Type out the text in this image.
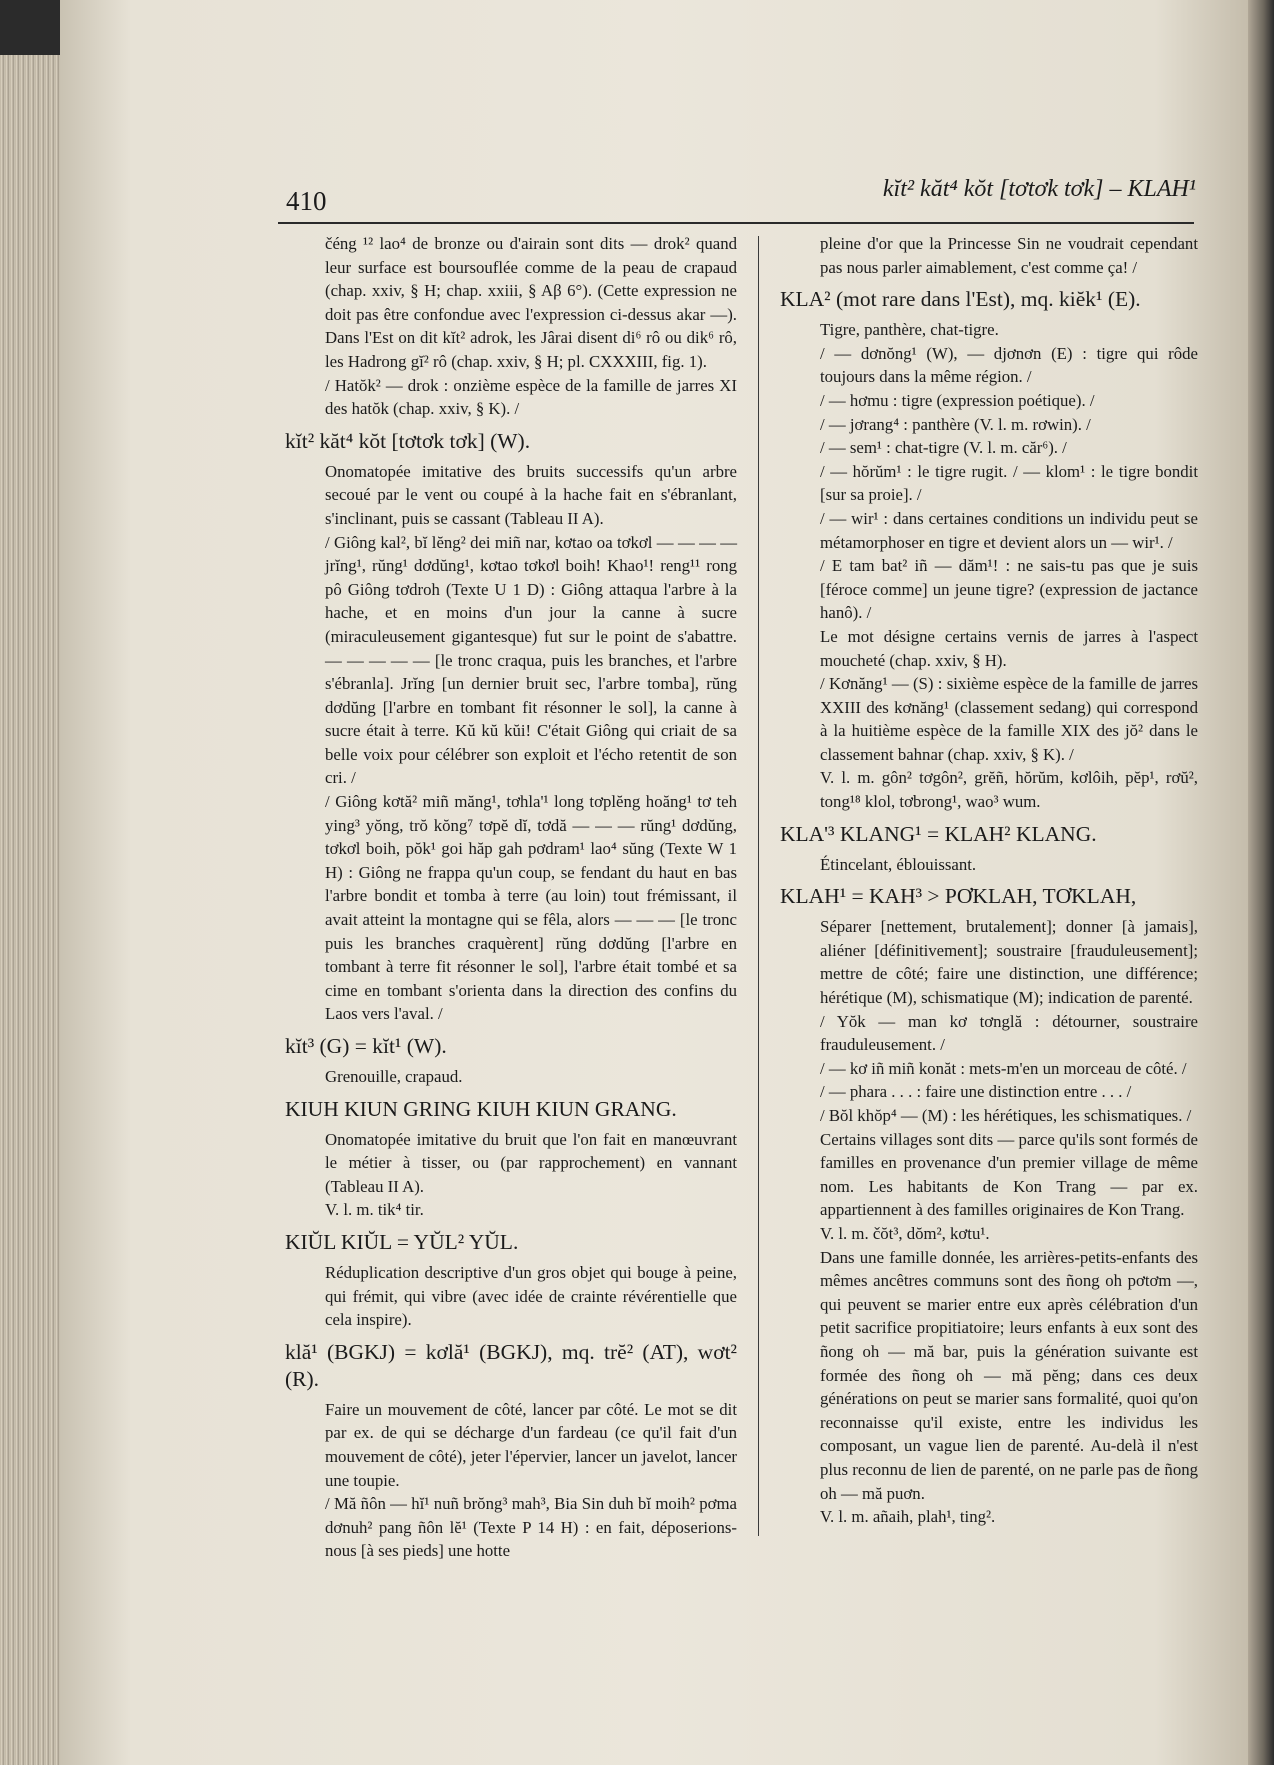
410	kĭt² kăt⁴ kŏt [tơtơk tơk] – KLAH¹

čéng ¹² lao⁴ de bronze ou d'airain sont dits — drok² quand leur surface est boursouflée comme de la peau de crapaud (chap. xxiv, § H; chap. xxiii, § Aβ 6°). (Cette expression ne doit pas être confondue avec l'expression ci-dessus akar —). Dans l'Est on dit kĭt² adrok, les Jârai disent di⁶ rô ou dik⁶ rô, les Hadrong gĭ² rô (chap. xxiv, § H; pl. CXXXIII, fig. 1).

/ Hatŏk² — drok : onzième espèce de la famille de jarres XI des hatŏk (chap. xxiv, § K). /

kĭt² kăt⁴ kŏt [tơtơk tơk] (W).

Onomatopée imitative des bruits successifs qu'un arbre secoué par le vent ou coupé à la hache fait en s'ébranlant, s'inclinant, puis se cassant (Tableau II A).

/ Giông kal², bĭ lĕng² dei miñ nar, kơtao oa tơkơl — — — — jrĭng¹, rŭng¹ dơdŭng¹, kơtao tơkơl boih! Khao¹! reng¹¹ rong pô Giông tơdroh (Texte U 1 D) : Giông attaqua l'arbre à la hache, et en moins d'un jour la canne à sucre (miraculeusement gigantesque) fut sur le point de s'abattre. — — — — — [le tronc craqua, puis les branches, et l'arbre s'ébranla]. Jrĭng [un dernier bruit sec, l'arbre tomba], rŭng dơdŭng [l'arbre en tombant fit résonner le sol], la canne à sucre était à terre. Kŭ kŭ kŭi! C'était Giông qui criait de sa belle voix pour célébrer son exploit et l'écho retentit de son cri. /

/ Giông kơtă² miñ măng¹, tơhla'¹ long tơplĕng hoăng¹ tơ teh ying³ yŏng, trŏ kŏng⁷ tơpĕ dĭ, tơdă — — — rŭng¹ dơdŭng, tơkơl boih, pŏk¹ goi hăp gah pơdram¹ lao⁴ sŭng (Texte W 1 H) : Giông ne frappa qu'un coup, se fendant du haut en bas l'arbre bondit et tomba à terre (au loin) tout frémissant, il avait atteint la montagne qui se fêla, alors — — — [le tronc puis les branches craquèrent] rŭng dơdŭng [l'arbre en tombant à terre fit résonner le sol], l'arbre était tombé et sa cime en tombant s'orienta dans la direction des confins du Laos vers l'aval. /

kĭt³ (G) = kĭt¹ (W).

Grenouille, crapaud.

KIUH KIUN GRING KIUH KIUN GRANG.

Onomatopée imitative du bruit que l'on fait en manœuvrant le métier à tisser, ou (par rapprochement) en vannant (Tableau II A).

V. l. m. tik⁴ tir.

KIŬL KIŬL = YŬL² YŬL.

Réduplication descriptive d'un gros objet qui bouge à peine, qui frémit, qui vibre (avec idée de crainte révérentielle que cela inspire).

klă¹ (BGKJ) = kơlă¹ (BGKJ), mq. trĕ² (AT), wơt² (R).

Faire un mouvement de côté, lancer par côté. Le mot se dit par ex. de qui se décharge d'un fardeau (ce qu'il fait d'un mouvement de côté), jeter l'épervier, lancer un javelot, lancer une toupie.

/ Mă ñôn — hĭ¹ nuñ brŏng³ mah³, Bia Sin duh bĭ moih² pơma dơnuh² pang ñôn lĕ¹ (Texte P 14 H) : en fait, déposerions-nous [à ses pieds] une hotte

pleine d'or que la Princesse Sin ne voudrait cependant pas nous parler aimablement, c'est comme ça! /

KLA² (mot rare dans l'Est), mq. kiĕk¹ (E).

Tigre, panthère, chat-tigre.

/ — dơnŏng¹ (W), — djơnơn (E) : tigre qui rôde toujours dans la même région. /

/ — hơmu : tigre (expression poétique). /

/ — jơrang⁴ : panthère (V. l. m. rơwin). /

/ — sem¹ : chat-tigre (V. l. m. căr⁶). /

/ — hŏrŭm¹ : le tigre rugit. / — klom¹ : le tigre bondit [sur sa proie]. /

/ — wir¹ : dans certaines conditions un individu peut se métamorphoser en tigre et devient alors un — wir¹. /

/ E tam bat² iñ — dăm¹! : ne sais-tu pas que je suis [féroce comme] un jeune tigre? (expression de jactance hanô). /

Le mot désigne certains vernis de jarres à l'aspect moucheté (chap. xxiv, § H).

/ Kơnăng¹ — (S) : sixième espèce de la famille de jarres XXIII des kơnăng¹ (classement sedang) qui correspond à la huitième espèce de la famille XIX des jŏ² dans le classement bahnar (chap. xxiv, § K). /

V. l. m. gôn² tơgôn², grĕñ, hŏrŭm, kơlôih, pĕp¹, rơŭ², tong¹⁸ klol, tơbrong¹, wao³ wum.

KLA'³ KLANG¹ = KLAH² KLANG.

Étincelant, éblouissant.

KLAH¹ = KAH³ > PƠKLAH, TƠKLAH,

Séparer [nettement, brutalement]; donner [à jamais], aliéner [définitivement]; soustraire [frauduleusement]; mettre de côté; faire une distinction, une différence; hérétique (M), schismatique (M); indication de parenté.

/ Yŏk — man kơ tơnglă : détourner, soustraire frauduleusement. /

/ — kơ iñ miñ konăt : mets-m'en un morceau de côté. /

/ — phara . . . : faire une distinction entre . . . /

/ Bŏl khŏp⁴ — (M) : les hérétiques, les schismatiques. /

Certains villages sont dits — parce qu'ils sont formés de familles en provenance d'un premier village de même nom. Les habitants de Kon Trang — par ex. appartiennent à des familles originaires de Kon Trang.

V. l. m. čŏt³, dŏm², kơtu¹.

Dans une famille donnée, les arrières-petits-enfants des mêmes ancêtres communs sont des ñong oh pơtơm —, qui peuvent se marier entre eux après célébration d'un petit sacrifice propitiatoire; leurs enfants à eux sont des ñong oh — mă bar, puis la génération suivante est formée des ñong oh — mă pĕng; dans ces deux générations on peut se marier sans formalité, quoi qu'on reconnaisse qu'il existe, entre les individus les composant, un vague lien de parenté. Au-delà il n'est plus reconnu de lien de parenté, on ne parle pas de ñong oh — mă puơn.

V. l. m. añaih, plah¹, ting².
